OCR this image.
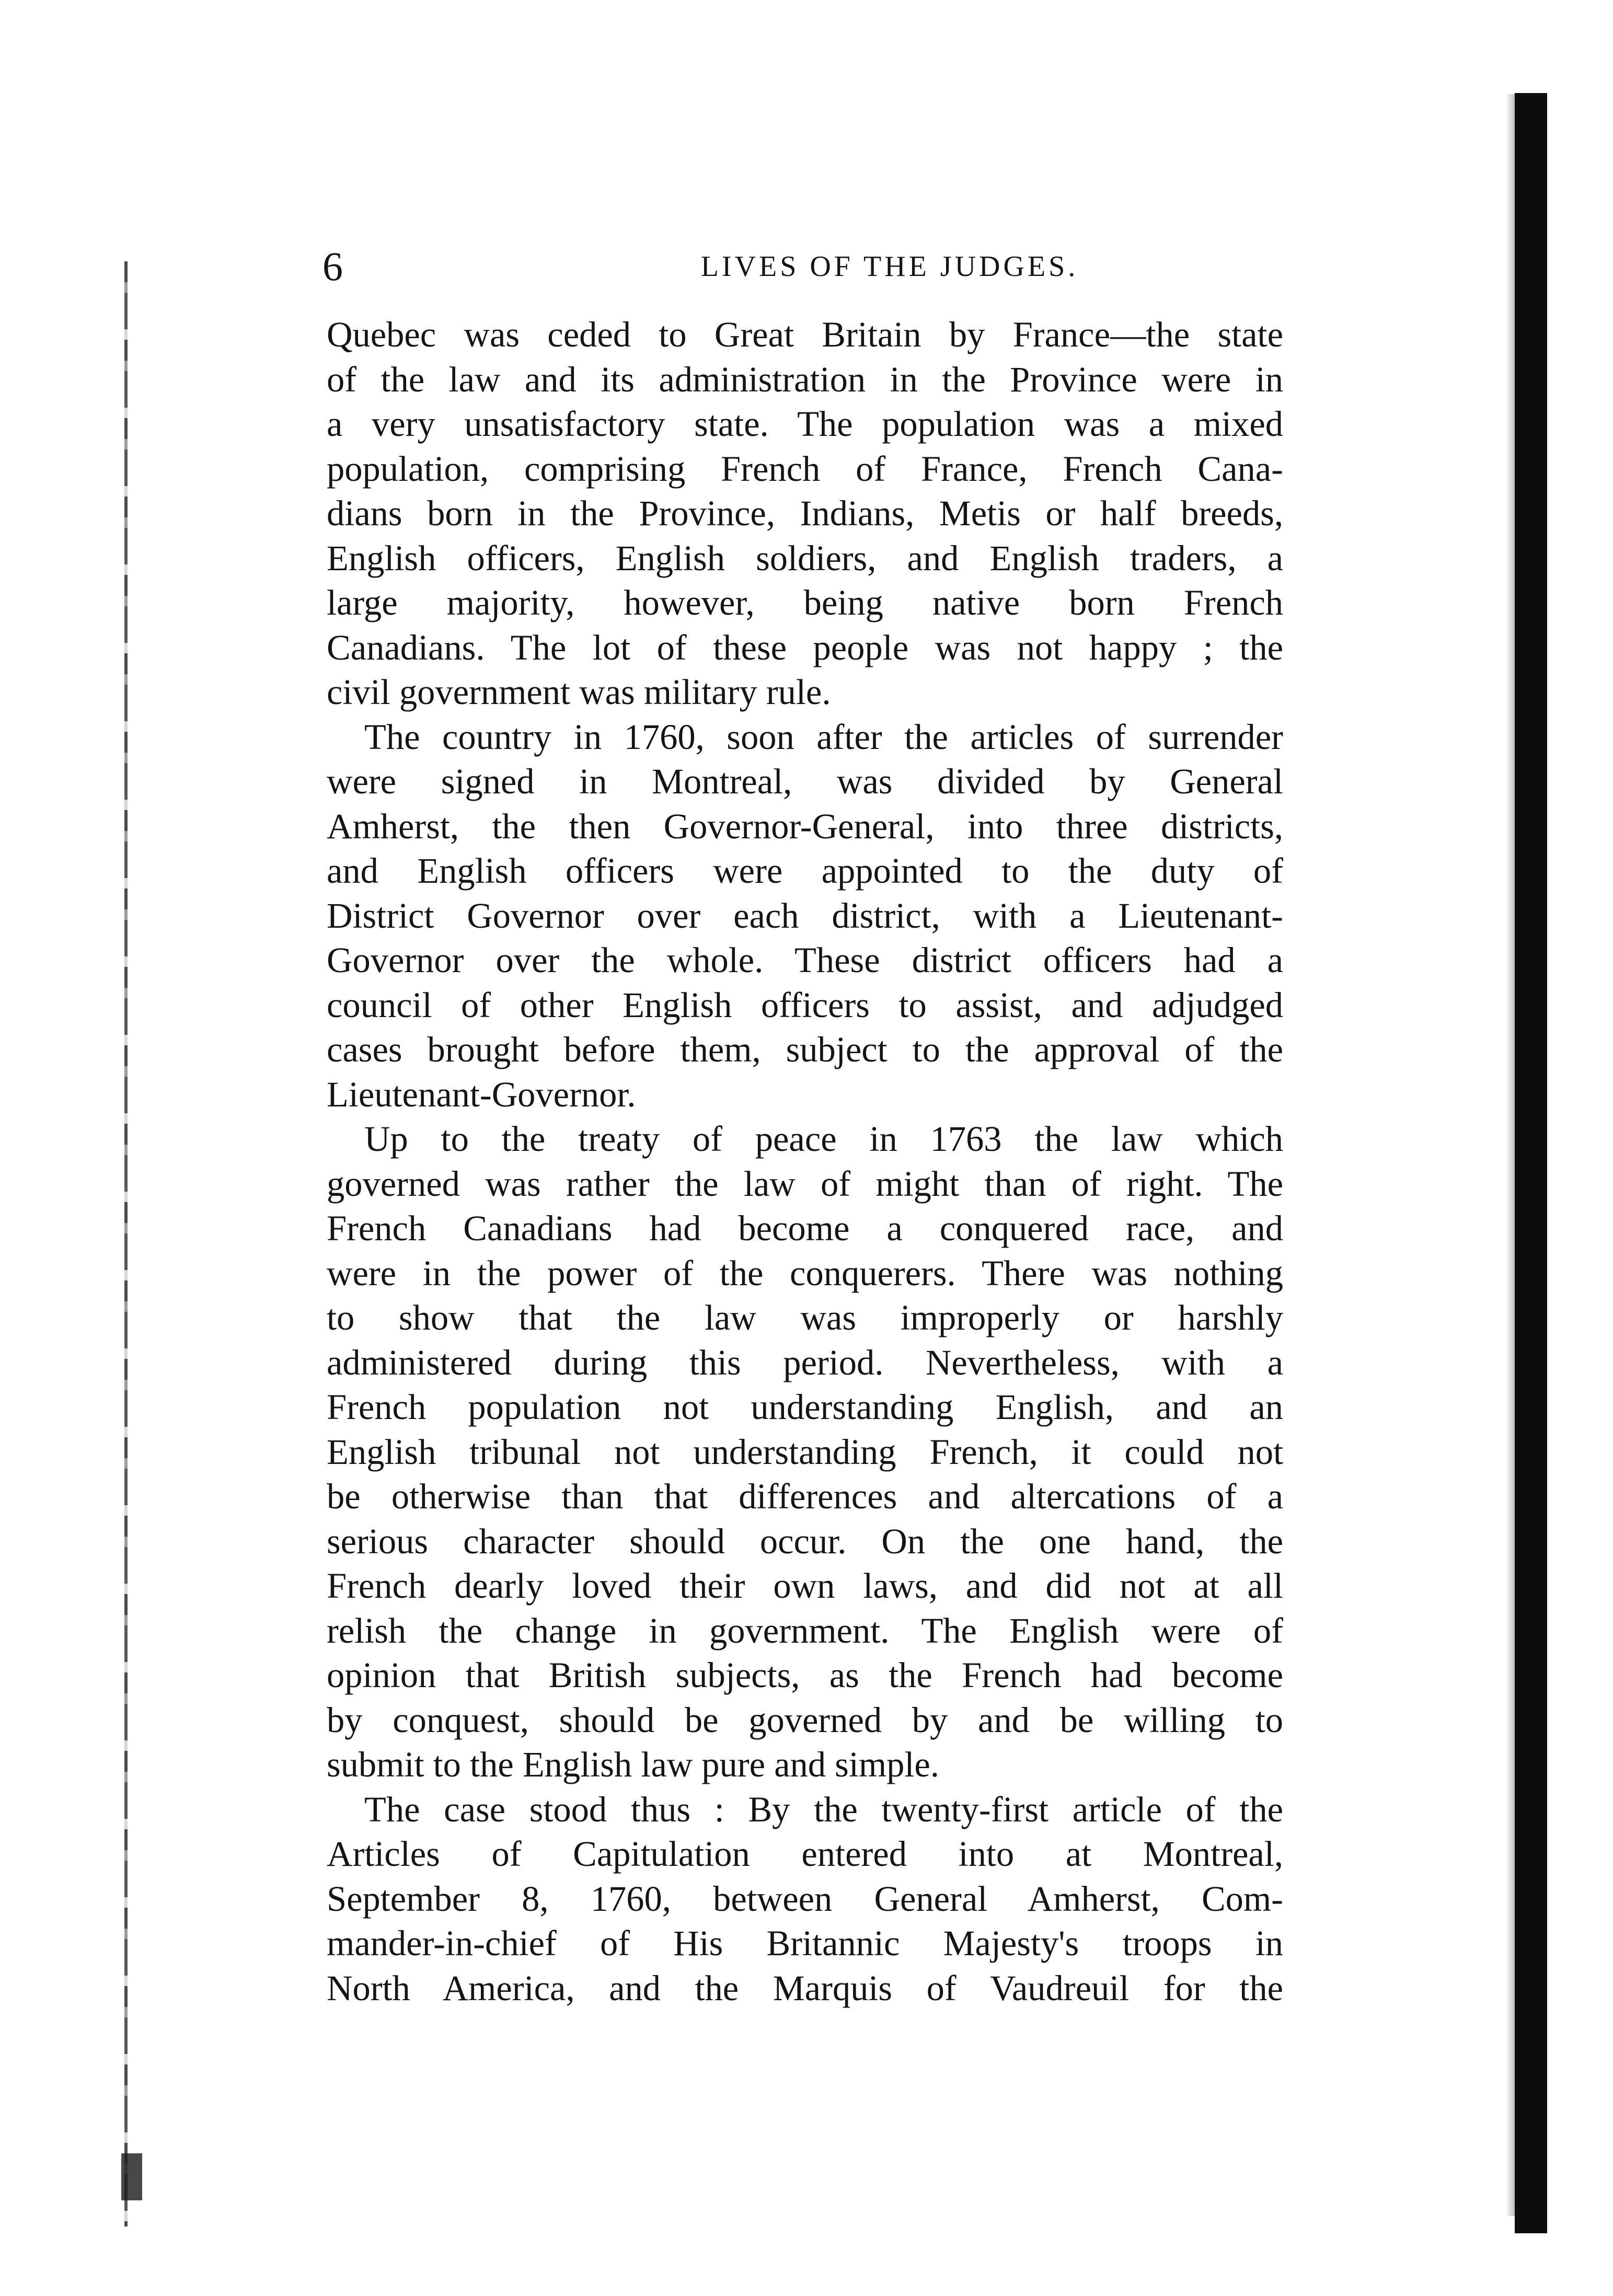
6	LIVES OF THE JUDGES.
Quebec was ceded to Great Britain by France—the state
of the law and its administration in the Province were in
a very unsatisfactory state. The population was a mixed
population, comprising French of France, French Cana-
dians born in the Province, Indians, Metis or half breeds,
English officers, English soldiers, and English traders, a
large majority, however, being native born French
Canadians. The lot of these people was not happy ; the
civil government was military rule.
The country in 1760, soon after the articles of surrender
were signed in Montreal, was divided by General
Amherst, the then Governor-General, into three districts,
and English officers were appointed to the duty of
District Governor over each district, with a Lieutenant-
Governor over the whole. These district officers had a
council of other English officers to assist, and adjudged
cases brought before them, subject to the approval of the
Lieutenant-Governor.
Up to the treaty of peace in 1763 the law which
governed was rather the law of might than of right. The
French Canadians had become a conquered race, and
were in the power of the conquerers. There was nothing
to show that the law was improperly or harshly
administered during this period. Nevertheless, with a
French population not understanding English, and an
English tribunal not understanding French, it could not
be otherwise than that differences and altercations of a
serious character should occur. On the one hand, the
French dearly loved their own laws, and did not at all
relish the change in government. The English were of
opinion that British subjects, as the French had become
by conquest, should be governed by and be willing to
submit to the English law pure and simple.
The case stood thus : By the twenty-first article of the
Articles of Capitulation entered into at Montreal,
September 8, 1760, between General Amherst, Com-
mander-in-chief of His Britannic Majesty's troops in
North America, and the Marquis of Vaudreuil for the
